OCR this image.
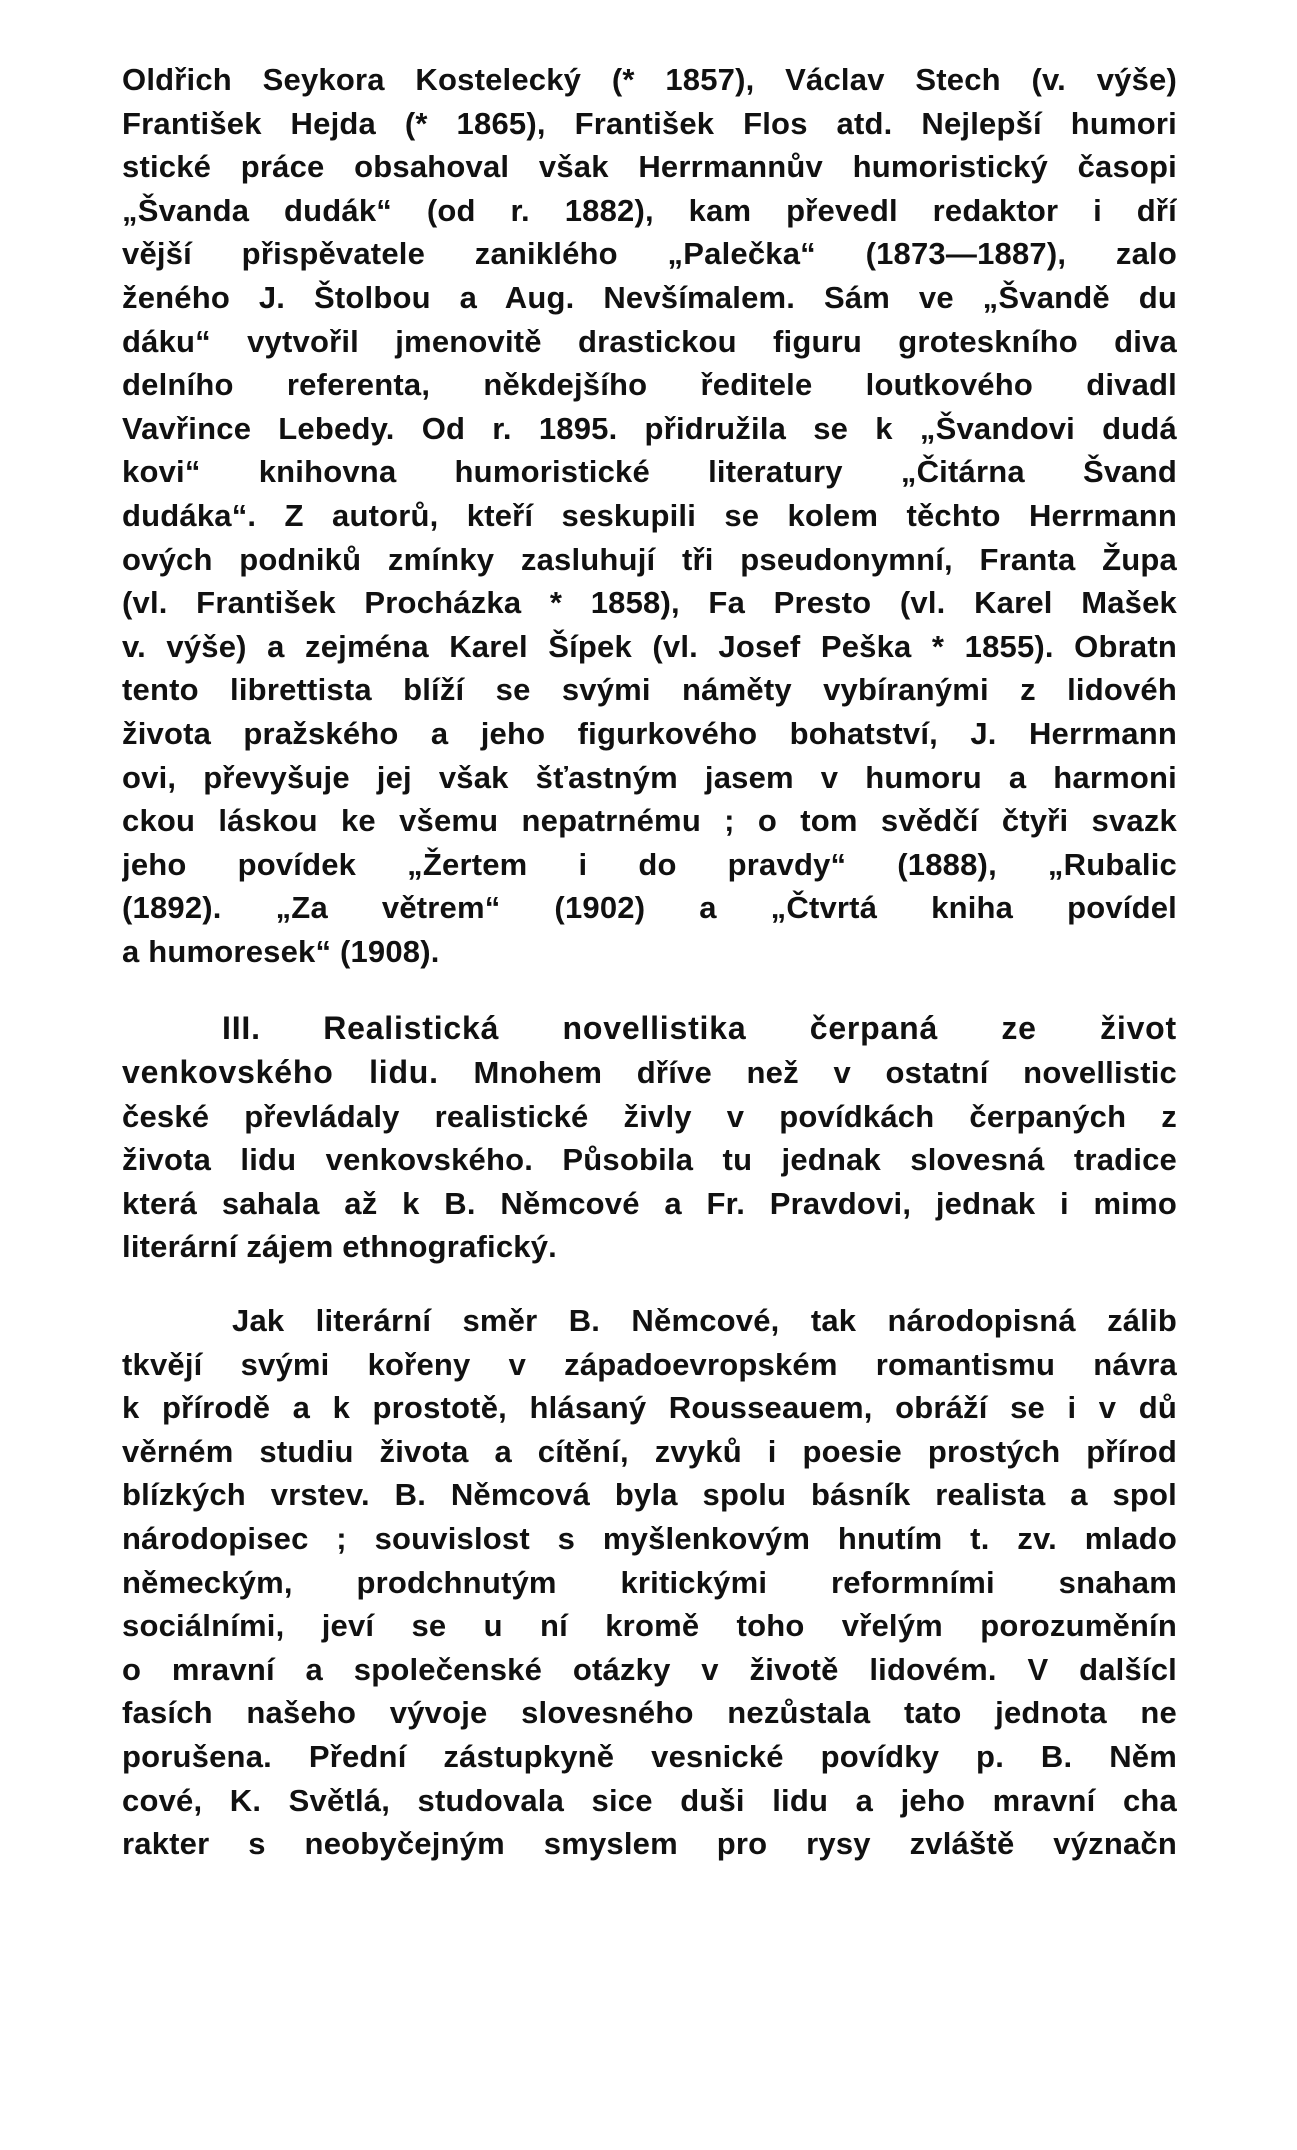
Oldřich Seykora Kostelecký (* 1857), Václav Stech (v. výše)
František Hejda (* 1865), František Flos atd. Nejlepší humori
stické práce obsahoval však Herrmannův humoristický časopi
„Švanda dudák“ (od r. 1882), kam převedl redaktor i dří
vější přispěvatele zaniklého „Palečka“ (1873—1887), zalo
ženého J. Štolbou a Aug. Nevšímalem. Sám ve „Švandě du
dáku“ vytvořil jmenovitě drastickou figuru groteskního diva
delního referenta, někdejšího ředitele loutkového divadl
Vavřince Lebedy. Od r. 1895. přidružila se k „Švandovi dudá
kovi“ knihovna humoristické literatury „Čitárna Švand
dudáka“. Z autorů, kteří seskupili se kolem těchto Herrmann
ových podniků zmínky zasluhují tři pseudonymní, Franta Župa
(vl. František Procházka * 1858), Fa Presto (vl. Karel Mašek
v. výše) a zejména Karel Šípek (vl. Josef Peška * 1855). Obratn
tento librettista blíží se svými náměty vybíranými z lidovéh
života pražského a jeho figurkového bohatství, J. Herrmann
ovi, převyšuje jej však šťastným jasem v humoru a harmoni
ckou láskou ke všemu nepatrnému ; o tom svědčí čtyři svazk
jeho povídek „Žertem i do pravdy“ (1888), „Rubalic
(1892). „Za větrem“ (1902) a „Čtvrtá kniha povídel
a humoresek“ (1908).
III. Realistická novellistika čerpaná ze život
venkovského lidu. Mnohem dříve než v ostatní novellistic
české převládaly realistické živly v povídkách čerpaných z
života lidu venkovského. Působila tu jednak slovesná tradice
která sahala až k B. Němcové a Fr. Pravdovi, jednak i mimo
literární zájem ethnografický.
Jak literární směr B. Němcové, tak národopisná zálib
tkvějí svými kořeny v západoevropském romantismu návra
k přírodě a k prostotě, hlásaný Rousseauem, obráží se i v dů
věrném studiu života a cítění, zvyků i poesie prostých přírod
blízkých vrstev. B. Němcová byla spolu básník realista a spol
národopisec ; souvislost s myšlenkovým hnutím t. zv. mlado
německým, prodchnutým kritickými reformními snaham
sociálními, jeví se u ní kromě toho vřelým porozuměnín
o mravní a společenské otázky v životě lidovém. V dalšícl
fasích našeho vývoje slovesného nezůstala tato jednota ne
porušena. Přední zástupkyně vesnické povídky p. B. Něm
cové, K. Světlá, studovala sice duši lidu a jeho mravní cha
rakter s neobyčejným smyslem pro rysy zvláště význačn
